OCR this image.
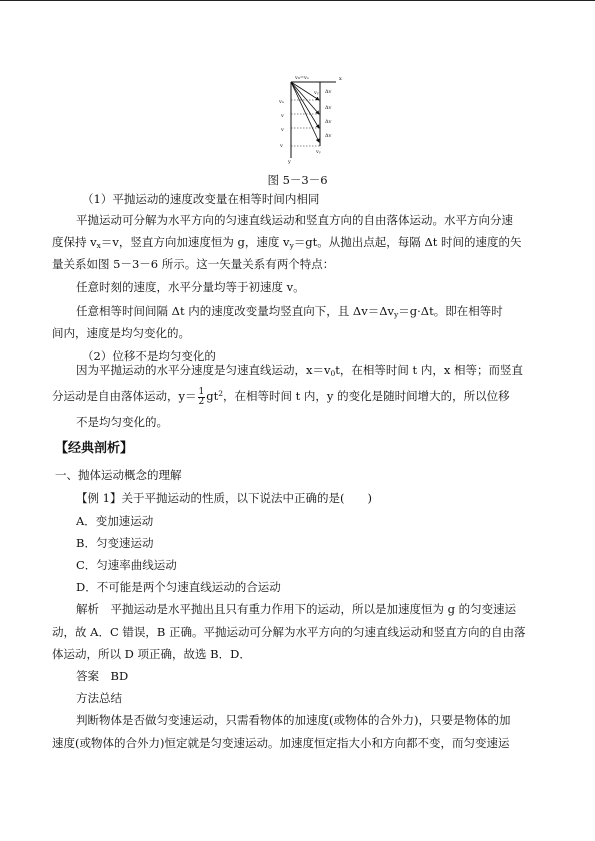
v₀=vₓ	x
y
vₙ
v
v
v
vᵧ Δv
Δv
Δv
Δv
vᵧ
图 5－3－6
（1）平抛运动的速度改变量在相等时间内相同
平抛运动可分解为水平方向的匀速直线运动和竖直方向的自由落体运动。水平方向分速
度保持 $v_x=v$，竖直方向加速度恒为 g，速度 $v_y=gt$。从抛出点起，每隔 Δt 时间的速度的矢
量关系如图 5－3－6 所示。这一矢量关系有两个特点：
任意时刻的速度，水平分量均等于初速度 v。
任意相等时间间隔 Δt 内的速度改变量均竖直向下，且 $\Delta v=\Delta v_y=g\cdot\Delta t$。即在相等时
间内，速度是均匀变化的。
（2）位移不是均匀变化的
因为平抛运动的水平分速度是匀速直线运动，$x=v_0t$，在相等时间 t 内，x 相等；而竖直
分运动是自由落体运动，$y= \frac{1}{2} gt^2$，在相等时间 t 内，y 的变化是随时间增大的，所以位移
不是均匀变化的。
【经典剖析】
一、抛体运动概念的理解
【例 1】关于平抛运动的性质，以下说法中正确的是(　　)
A．变加速运动
B．匀变速运动
C．匀速率曲线运动
D．不可能是两个匀速直线运动的合运动
解析　平抛运动是水平抛出且只有重力作用下的运动，所以是加速度恒为 g 的匀变速运
动，故 A．C 错误，B 正确。平抛运动可分解为水平方向的匀速直线运动和竖直方向的自由落
体运动，所以 D 项正确，故选 B．D．
答案　BD
方法总结
判断物体是否做匀变速运动，只需看物体的加速度(或物体的合外力)，只要是物体的加
速度(或物体的合外力)恒定就是匀变速运动。加速度恒定指大小和方向都不变，而匀变速运
